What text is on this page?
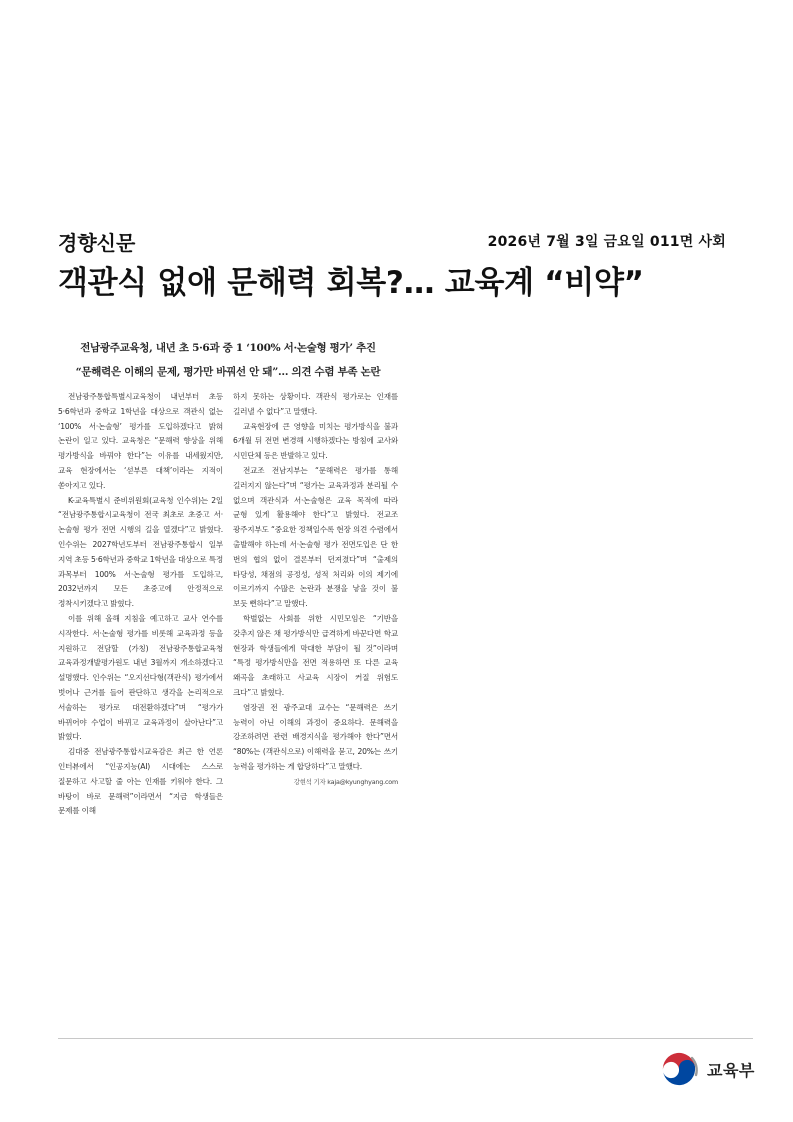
경향신문	2026년 7월 3일 금요일 011면 사회
객관식 없애 문해력 회복?… 교육계 “비약”
전남광주교육청, 내년 초 5·6과 중 1 ‘100% 서·논술형 평가’ 추진
“문해력은 이해의 문제, 평가만 바꿔선 안 돼”… 의견 수렴 부족 논란

전남광주통합특별시교육청이 내년부터 초등 5·6학년과 중학교 1학년을 대상으로 객관식 없는 ‘100% 서·논술형’ 평가를 도입하겠다고 밝혀 논란이 일고 있다. 교육청은 “문해력 향상을 위해 평가방식을 바꿔야 한다”는 이유를 내세웠지만, 교육 현장에서는 ‘섣부른 대책’이라는 지적이 쏟아지고 있다.

K-교육특별시 준비위원회(교육청 인수위)는 2일 “전남광주통합시교육청이 전국 최초로 초중고 서·논술형 평가 전면 시행의 길을 열겠다”고 밝혔다. 인수위는 2027학년도부터 전남광주통합시 일부 지역 초등 5·6학년과 중학교 1학년을 대상으로 특정 과목부터 100% 서·논술형 평가를 도입하고, 2032년까지 모든 초중고에 안정적으로 정착시키겠다고 밝혔다.

이를 위해 올해 지침을 예고하고 교사 연수를 시작한다. 서·논술형 평가를 비롯해 교육과정 등을 지원하고 전담할 (가칭) 전남광주통합교육청 교육과정개발평가원도 내년 3월까지 개소하겠다고 설명했다. 인수위는 “오지선다형(객관식) 평가에서 벗어나 근거를 들어 판단하고 생각을 논리적으로 서술하는 평가로 대전환하겠다”며 “평가가 바뀌어야 수업이 바뀌고 교육과정이 살아난다”고 밝혔다.

김대중 전남광주통합시교육감은 최근 한 언론 인터뷰에서 “인공지능(AI) 시대에는 스스로 질문하고 사고할 줄 아는 인재를 키워야 한다. 그 바탕이 바로 문해력”이라면서 “지금 학생들은 문제를 이해

하지 못하는 상황이다. 객관식 평가로는 인재를 길러낼 수 없다”고 말했다.

교육현장에 큰 영향을 미치는 평가방식을 불과 6개월 뒤 전면 변경해 시행하겠다는 방침에 교사와 시민단체 등은 반발하고 있다.

전교조 전남지부는 “문해력은 평가를 통해 길러지지 않는다”며 “평가는 교육과정과 분리될 수 없으며 객관식과 서·논술형은 교육 목적에 따라 균형 있게 활용해야 한다”고 밝혔다. 전교조 광주지부도 “중요한 정책일수록 현장 의견 수렴에서 출발해야 하는데 서·논술형 평가 전면도입은 단 한 번의 협의 없이 결론부터 던져졌다”며 “출제의 타당성, 채점의 공정성, 성적 처리와 이의 제기에 이르기까지 수많은 논란과 분쟁을 낳을 것이 불 보듯 뻔하다”고 말했다.

학벌없는 사회를 위한 시민모임은 “기반을 갖추지 않은 채 평가방식만 급격하게 바꾼다면 학교 현장과 학생들에게 막대한 부담이 될 것”이라며 “특정 평가방식만을 전면 적용하면 또 다른 교육 왜곡을 초래하고 사교육 시장이 커질 위험도 크다”고 밝혔다.

염장권 전 광주교대 교수는 “문해력은 쓰기 능력이 아닌 이해의 과정이 중요하다. 문해력을 강조하려면 관련 배경지식을 평가해야 한다”면서 “80%는 (객관식으로) 이해력을 묻고, 20%는 쓰기 능력을 평가하는 게 합당하다”고 말했다.

강현석 기자 kaja@kyunghyang.com
교육부
